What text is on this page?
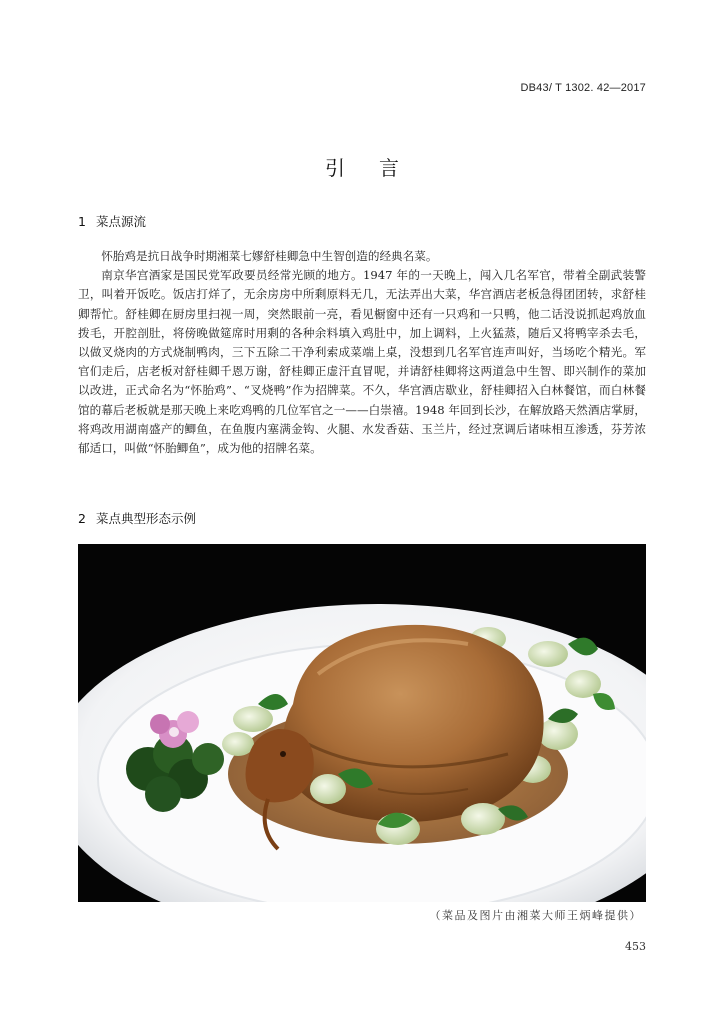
DB43/ T 1302. 42—2017
引言
1 菜点源流

怀胎鸡是抗日战争时期湘菜七嫪舒桂卿急中生智创造的经典名菜。

南京华宫酒家是国民党军政要员经常光顾的地方。1947 年的一天晚上，闯入几名军官，带着全副武装警卫，叫着开饭吃。饭店打烊了，无余房房中所剩原料无几，无法弄出大菜，华宫酒店老板急得团团转，求舒桂卿帮忙。舒桂卿在厨房里扫视一周，突然眼前一亮，看见橱窗中还有一只鸡和一只鸭，他二话没说抓起鸡放血拨毛，开腔剖肚，将傍晚做筵席时用剩的各种余料填入鸡肚中，加上调料，上火猛蒸，随后又将鸭宰杀去毛，以做叉烧肉的方式烧制鸭肉，三下五除二干净利索成菜端上桌，没想到几名军官连声叫好，当场吃个精光。军官们走后，店老板对舒桂卿千恩万谢，舒桂卿正虚汗直冒呢，并请舒桂卿将这两道急中生智、即兴制作的菜加以改进，正式命名为“怀胎鸡”、“叉烧鸭”作为招牌菜。不久，华宫酒店歇业，舒桂卿招入白林餐馆，而白林餐馆的幕后老板就是那天晚上来吃鸡鸭的几位军官之一——白崇禧。1948 年回到长沙，在解放路天然酒店掌厨，将鸡改用湖南盛产的鲫鱼，在鱼腹内塞满金钩、火腿、水发香菇、玉兰片，经过烹调后诸味相互渗透，芬芳浓郁适口，叫做“怀胎鲫鱼”，成为他的招牌名菜。

2 菜点典型形态示例
（菜品及图片由湘菜大师王炳峰提供）
453
